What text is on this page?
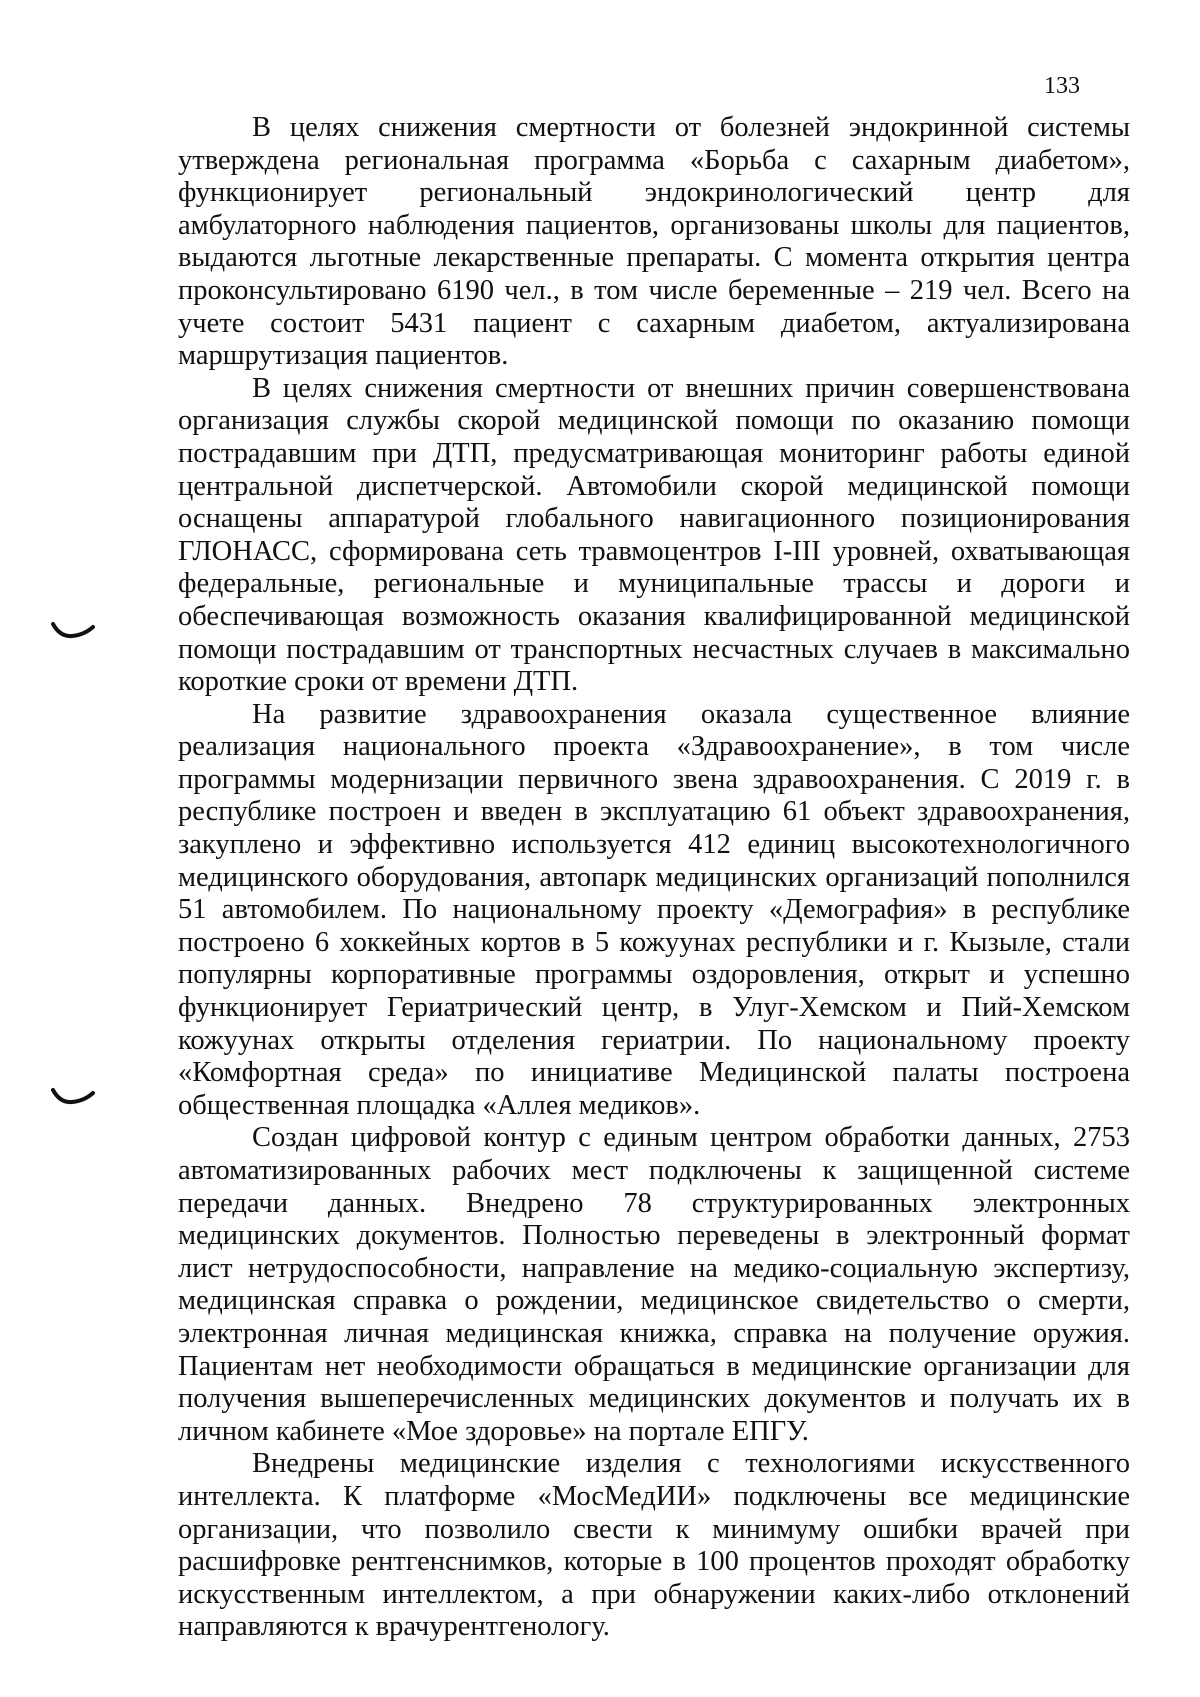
133

В целях снижения смертности от болезней эндокринной системы утверждена региональная программа «Борьба с сахарным диабетом», функционирует региональный эндокринологический центр для амбулаторного наблюдения пациентов, организованы школы для пациентов, выдаются льготные лекарственные препараты. С момента открытия центра проконсультировано 6190 чел., в том числе беременные – 219 чел. Всего на учете состоит 5431 пациент с сахарным диабетом, актуализирована маршрутизация пациентов.

В целях снижения смертности от внешних причин совершенствована организация службы скорой медицинской помощи по оказанию помощи пострадавшим при ДТП, предусматривающая мониторинг работы единой центральной диспетчерской. Автомобили скорой медицинской помощи оснащены аппаратурой глобального навигационного позиционирования ГЛОНАСС, сформирована сеть травмоцентров I-III уровней, охватывающая федеральные, региональные и муниципальные трассы и дороги и обеспечивающая возможность оказания квалифицированной медицинской помощи пострадавшим от транспортных несчастных случаев в максимально короткие сроки от времени ДТП.

На развитие здравоохранения оказала существенное влияние реализация национального проекта «Здравоохранение», в том числе программы модернизации первичного звена здравоохранения. С 2019 г. в республике построен и введен в эксплуатацию 61 объект здравоохранения, закуплено и эффективно используется 412 единиц высокотехнологичного медицинского оборудования, автопарк медицинских организаций пополнился 51 автомобилем. По национальному проекту «Демография» в республике построено 6 хоккейных кортов в 5 кожуунах республики и г. Кызыле, стали популярны корпоративные программы оздоровления, открыт и успешно функционирует Гериатрический центр, в Улуг-Хемском и Пий-Хемском кожуунах открыты отделения гериатрии. По национальному проекту «Комфортная среда» по инициативе Медицинской палаты построена общественная площадка «Аллея медиков».

Создан цифровой контур с единым центром обработки данных, 2753 автоматизированных рабочих мест подключены к защищенной системе передачи данных. Внедрено 78 структурированных электронных медицинских документов. Полностью переведены в электронный формат лист нетрудоспособности, направление на медико-социальную экспертизу, медицинская справка о рождении, медицинское свидетельство о смерти, электронная личная медицинская книжка, справка на получение оружия. Пациентам нет необходимости обращаться в медицинские организации для получения вышеперечисленных медицинских документов и получать их в личном кабинете «Мое здоровье» на портале ЕПГУ.

Внедрены медицинские изделия с технологиями искусственного интеллекта. К платформе «МосМедИИ» подключены все медицинские организации, что позволило свести к минимуму ошибки врачей при расшифровке рентгенснимков, которые в 100 процентов проходят обработку искусственным интеллектом, а при обнаружении каких-либо отклонений направляются к врачурентгенологу.
